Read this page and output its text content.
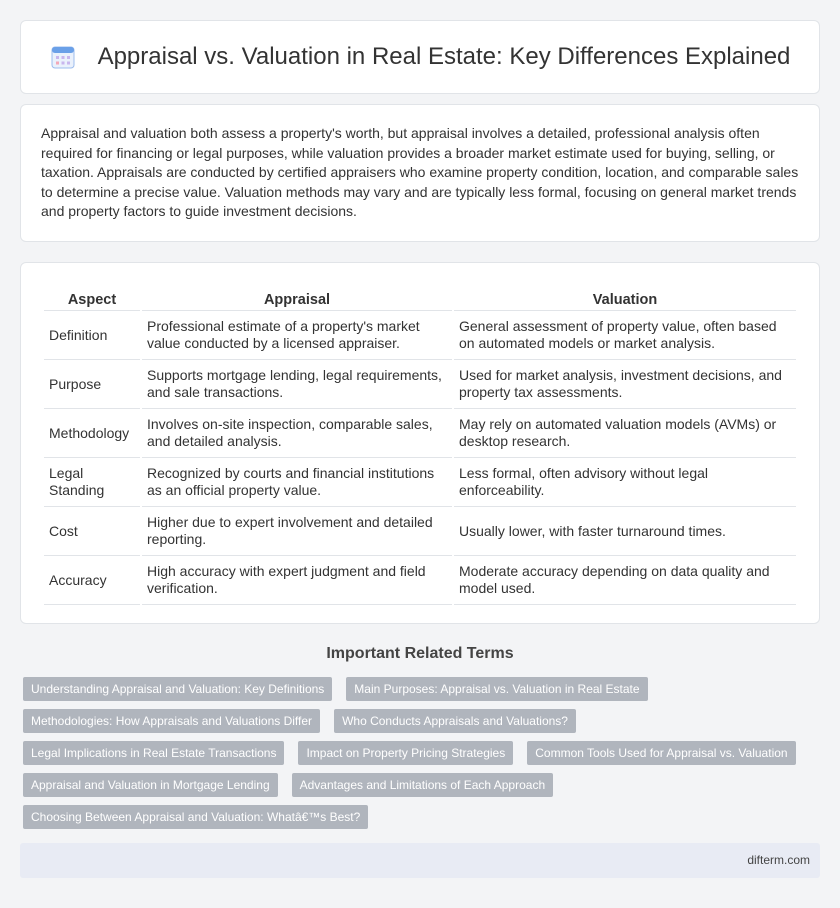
Appraisal vs. Valuation in Real Estate: Key Differences Explained

Appraisal and valuation both assess a property's worth, but appraisal involves a detailed, professional analysis often required for financing or legal purposes, while valuation provides a broader market estimate used for buying, selling, or taxation. Appraisals are conducted by certified appraisers who examine property condition, location, and comparable sales to determine a precise value. Valuation methods may vary and are typically less formal, focusing on general market trends and property factors to guide investment decisions.

Aspect	Appraisal	Valuation
Definition	Professional estimate of a property's market value conducted by a licensed appraiser.	General assessment of property value, often based on automated models or market analysis.
Purpose	Supports mortgage lending, legal requirements, and sale transactions.	Used for market analysis, investment decisions, and property tax assessments.
Methodology	Involves on-site inspection, comparable sales, and detailed analysis.	May rely on automated valuation models (AVMs) or desktop research.
Legal Standing	Recognized by courts and financial institutions as an official property value.	Less formal, often advisory without legal enforceability.
Cost	Higher due to expert involvement and detailed reporting.	Usually lower, with faster turnaround times.
Accuracy	High accuracy with expert judgment and field verification.	Moderate accuracy depending on data quality and model used.
Important Related Terms
Understanding Appraisal and Valuation: Key Definitions	Main Purposes: Appraisal vs. Valuation in Real Estate
Methodologies: How Appraisals and Valuations Differ	Who Conducts Appraisals and Valuations?
Legal Implications in Real Estate Transactions	Impact on Property Pricing Strategies	Common Tools Used for Appraisal vs. Valuation
Appraisal and Valuation in Mortgage Lending	Advantages and Limitations of Each Approach
Choosing Between Appraisal and Valuation: Whatâ€™s Best?
difterm.com
